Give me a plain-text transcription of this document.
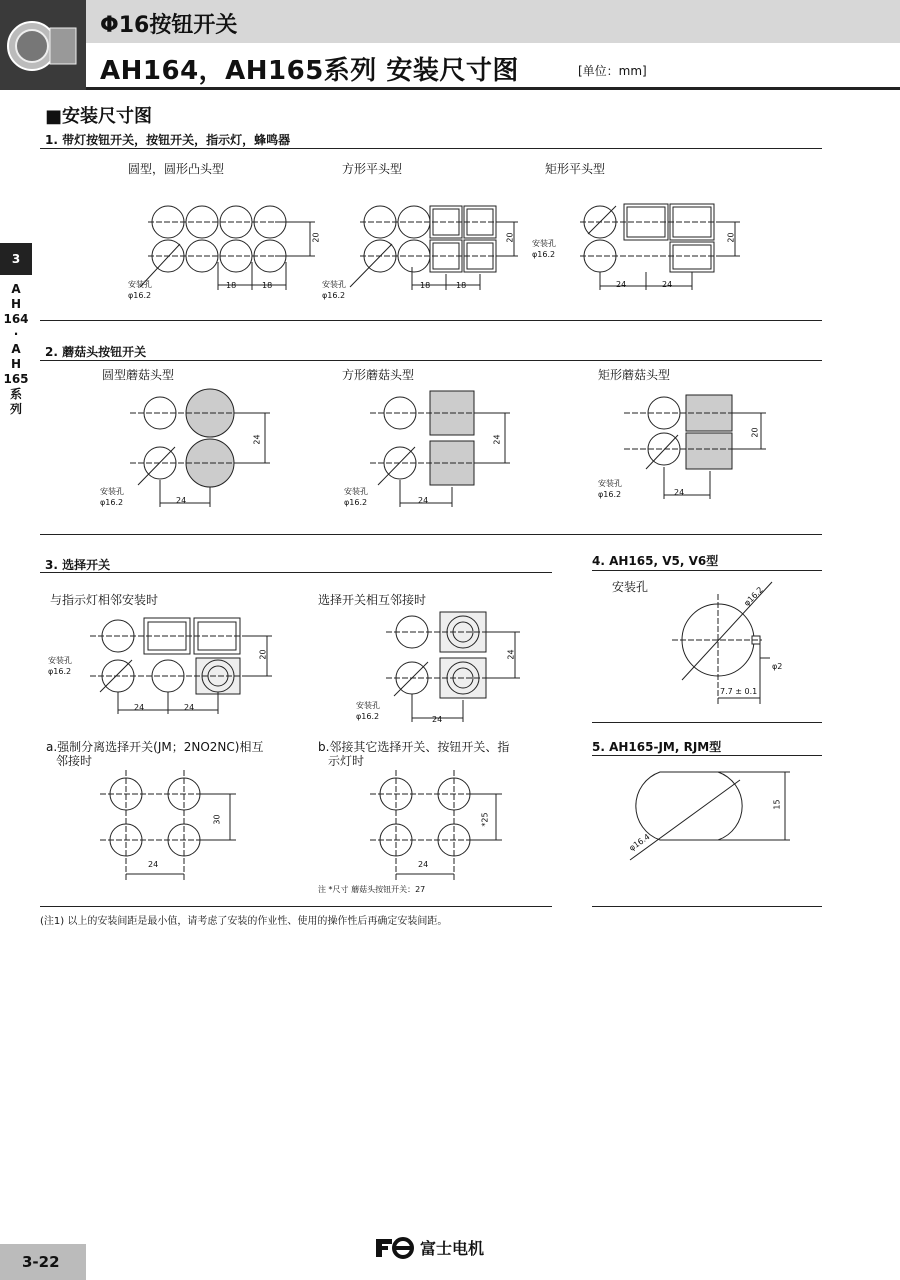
Φ16按钮开关
AH164，AH165系列 安装尺寸图	[单位：mm]
3
A
H
164
·
A
H
165
系
列
■安装尺寸图
1. 带灯按钮开关，按钮开关，指示灯，蜂鸣器
圆型，圆形凸头型	方形平头型	矩形平头型
20
18	18
安装孔
φ16.2
20
18	18
安装孔
φ16.2
20
24	24
安装孔
φ16.2
2. 蘑菇头按钮开关
圆型蘑菇头型	方形蘑菇头型	矩形蘑菇头型
24
24
安装孔
φ16.2
24
24
安装孔
φ16.2
20
24
安装孔
φ16.2
3. 选择开关
与指示灯相邻安装时	选择开关相互邻接时
20
24	24
安装孔
φ16.2
24
24
安装孔
φ16.2
a.强制分离选择开关(JM；2NO2NC)相互
邻接时
b.邻接其它选择开关、按钮开关、指
示灯时
30
24
*25
24
注 *尺寸 蘑菇头按钮开关：27
(注1) 以上的安装间距是最小值，请考虑了安装的作业性、使用的操作性后再确定安装间距。
4. AH165, V5, V6型
安装孔	φ16.2
φ2
7.7 ± 0.1
5. AH165-JM, RJM型
15
φ16.4
3-22
富士电机
